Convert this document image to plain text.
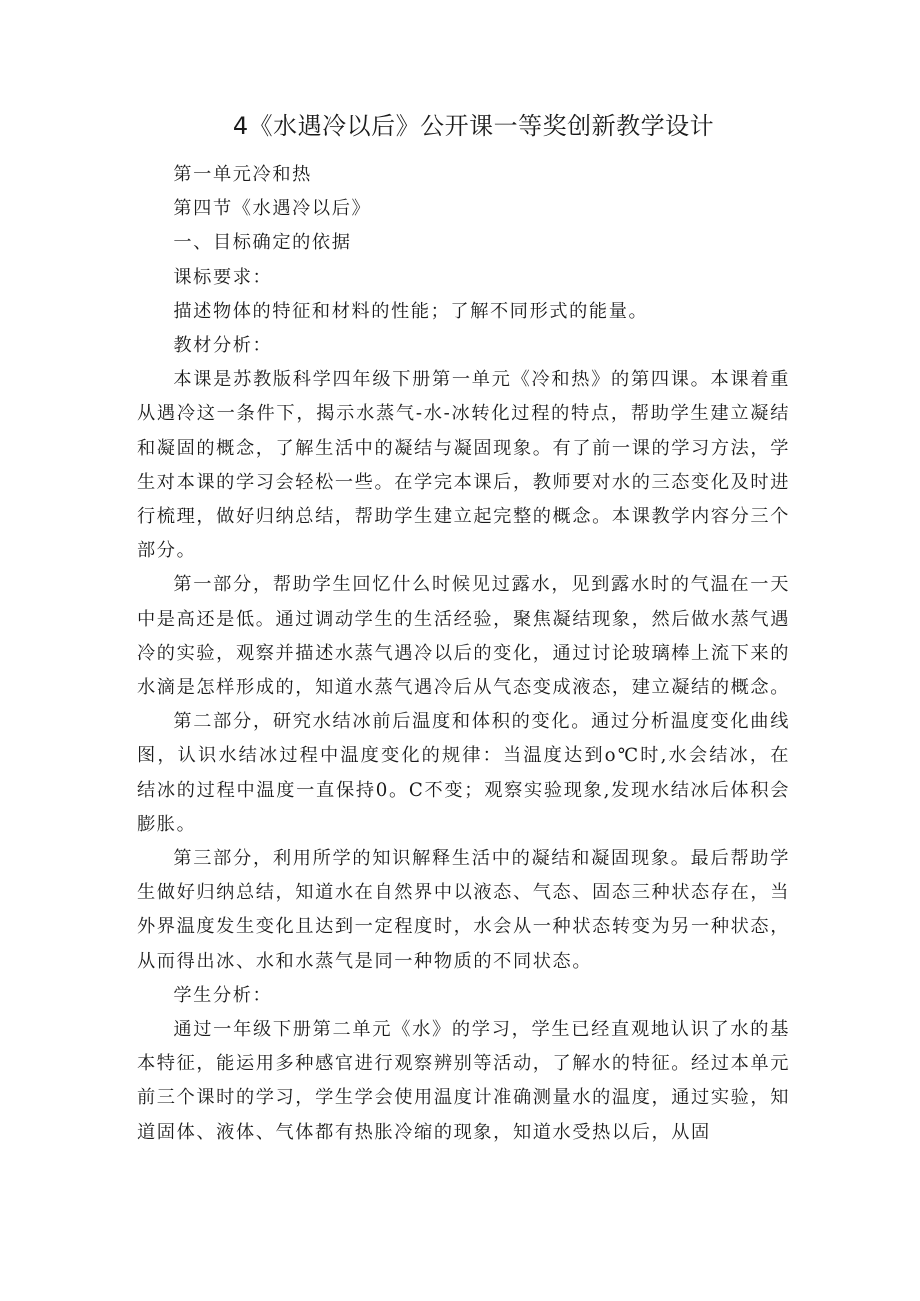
4《水遇冷以后》公开课一等奖创新教学设计

第一单元冷和热

第四节《水遇冷以后》

一、目标确定的依据

课标要求：

描述物体的特征和材料的性能；了解不同形式的能量。

教材分析：

本课是苏教版科学四年级下册第一单元《冷和热》的第四课。本课着重从遇冷这一条件下，揭示水蒸气-水-冰转化过程的特点，帮助学生建立凝结和凝固的概念，了解生活中的凝结与凝固现象。有了前一课的学习方法，学生对本课的学习会轻松一些。在学完本课后，教师要对水的三态变化及时进行梳理，做好归纳总结，帮助学生建立起完整的概念。本课教学内容分三个部分。

第一部分，帮助学生回忆什么时候见过露水，见到露水时的气温在一天中是高还是低。通过调动学生的生活经验，聚焦凝结现象，然后做水蒸气遇冷的实验，观察并描述水蒸气遇冷以后的变化，通过讨论玻璃棒上流下来的水滴是怎样形成的，知道水蒸气遇冷后从气态变成液态，建立凝结的概念。

第二部分，研究水结冰前后温度和体积的变化。通过分析温度变化曲线图，认识水结冰过程中温度变化的规律：当温度达到o℃时,水会结冰，在结冰的过程中温度一直保持0。C不变；观察实验现象,发现水结冰后体积会膨胀。

第三部分，利用所学的知识解释生活中的凝结和凝固现象。最后帮助学生做好归纳总结，知道水在自然界中以液态、气态、固态三种状态存在，当外界温度发生变化且达到一定程度时，水会从一种状态转变为另一种状态，从而得出冰、水和水蒸气是同一种物质的不同状态。

学生分析：

通过一年级下册第二单元《水》的学习，学生已经直观地认识了水的基本特征，能运用多种感官进行观察辨别等活动，了解水的特征。经过本单元前三个课时的学习，学生学会使用温度计准确测量水的温度，通过实验，知道固体、液体、气体都有热胀冷缩的现象，知道水受热以后，从固
